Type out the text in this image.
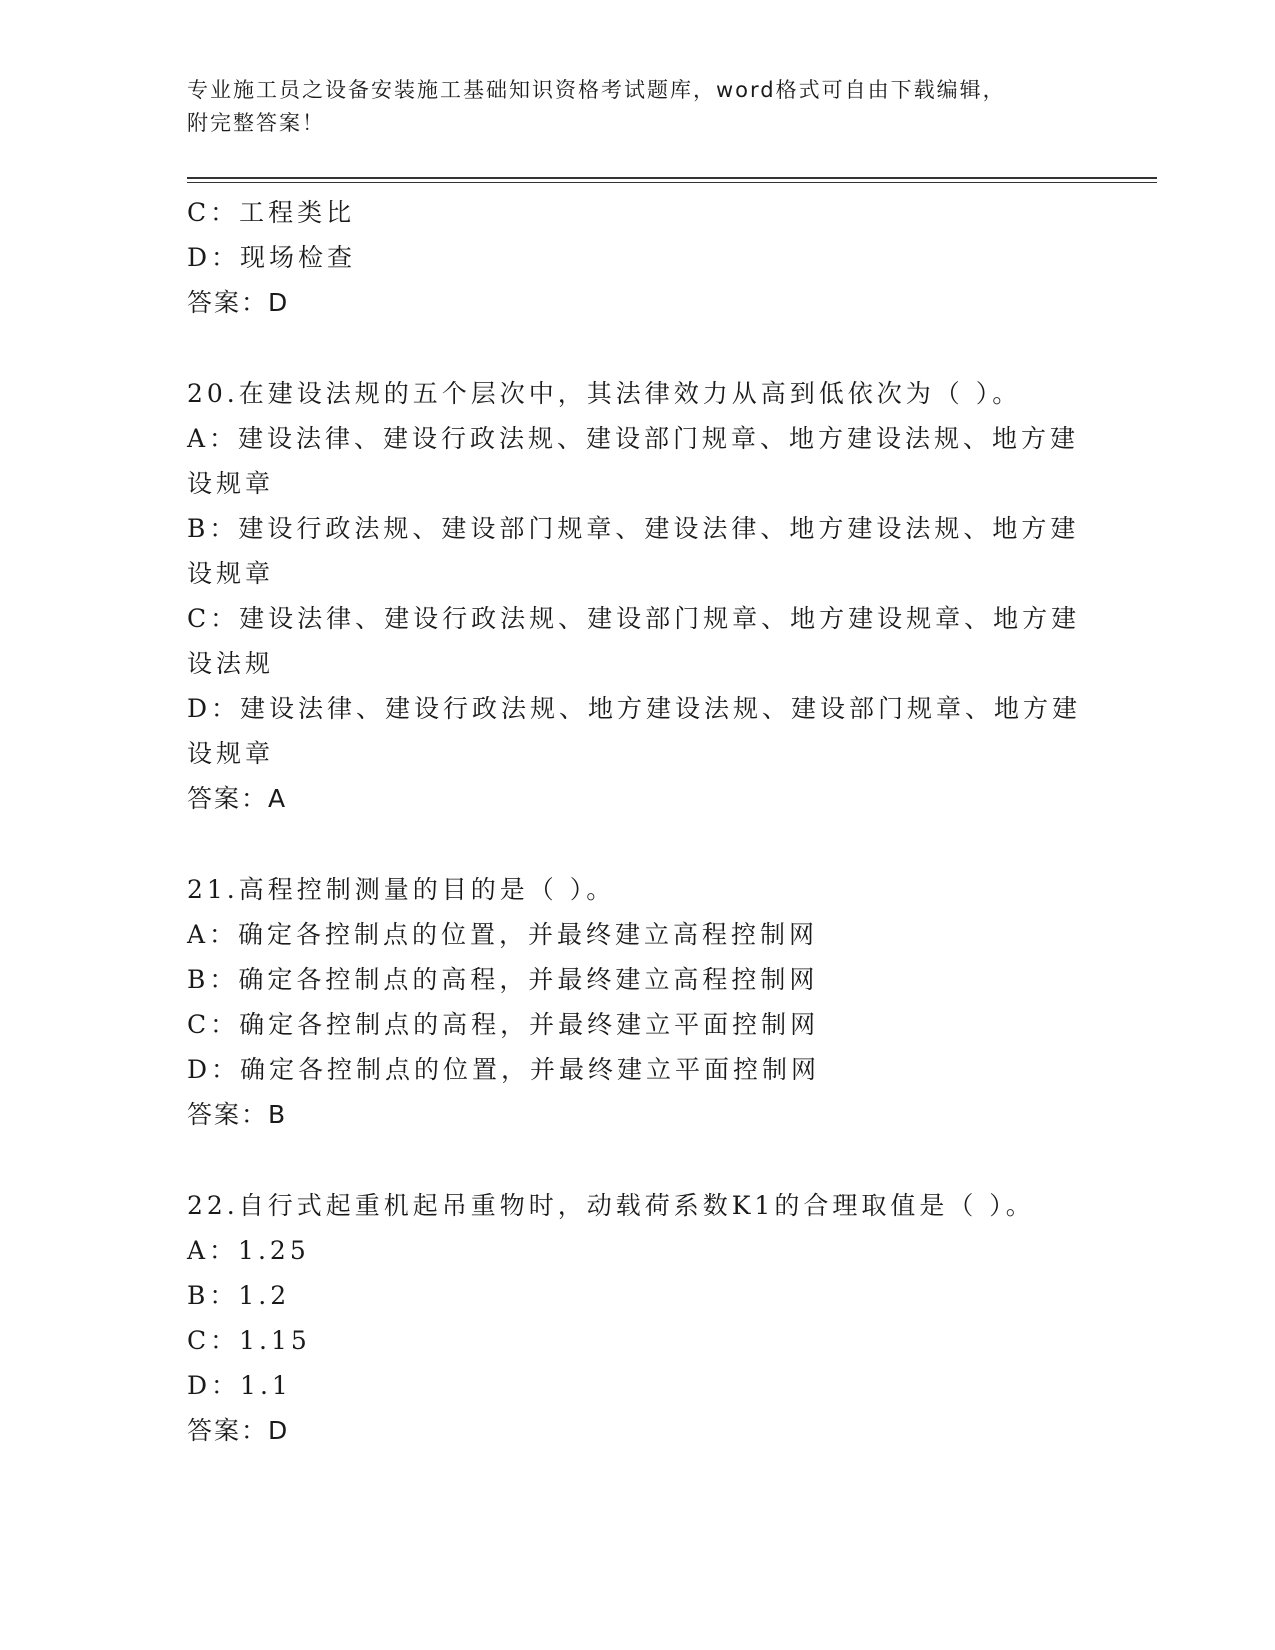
专业施工员之设备安装施工基础知识资格考试题库，word格式可自由下载编辑，
附完整答案！
C：工程类比
D：现场检查
答案：D
20.在建设法规的五个层次中，其法律效力从高到低依次为（ ）。
A：建设法律、建设行政法规、建设部门规章、地方建设法规、地方建
设规章
B：建设行政法规、建设部门规章、建设法律、地方建设法规、地方建
设规章
C：建设法律、建设行政法规、建设部门规章、地方建设规章、地方建
设法规
D：建设法律、建设行政法规、地方建设法规、建设部门规章、地方建
设规章
答案：A
21.高程控制测量的目的是（ ）。
A：确定各控制点的位置，并最终建立高程控制网
B：确定各控制点的高程，并最终建立高程控制网
C：确定各控制点的高程，并最终建立平面控制网
D：确定各控制点的位置，并最终建立平面控制网
答案：B
22.自行式起重机起吊重物时，动载荷系数K1的合理取值是（ ）。
A：1.25
B：1.2
C：1.15
D：1.1
答案：D
